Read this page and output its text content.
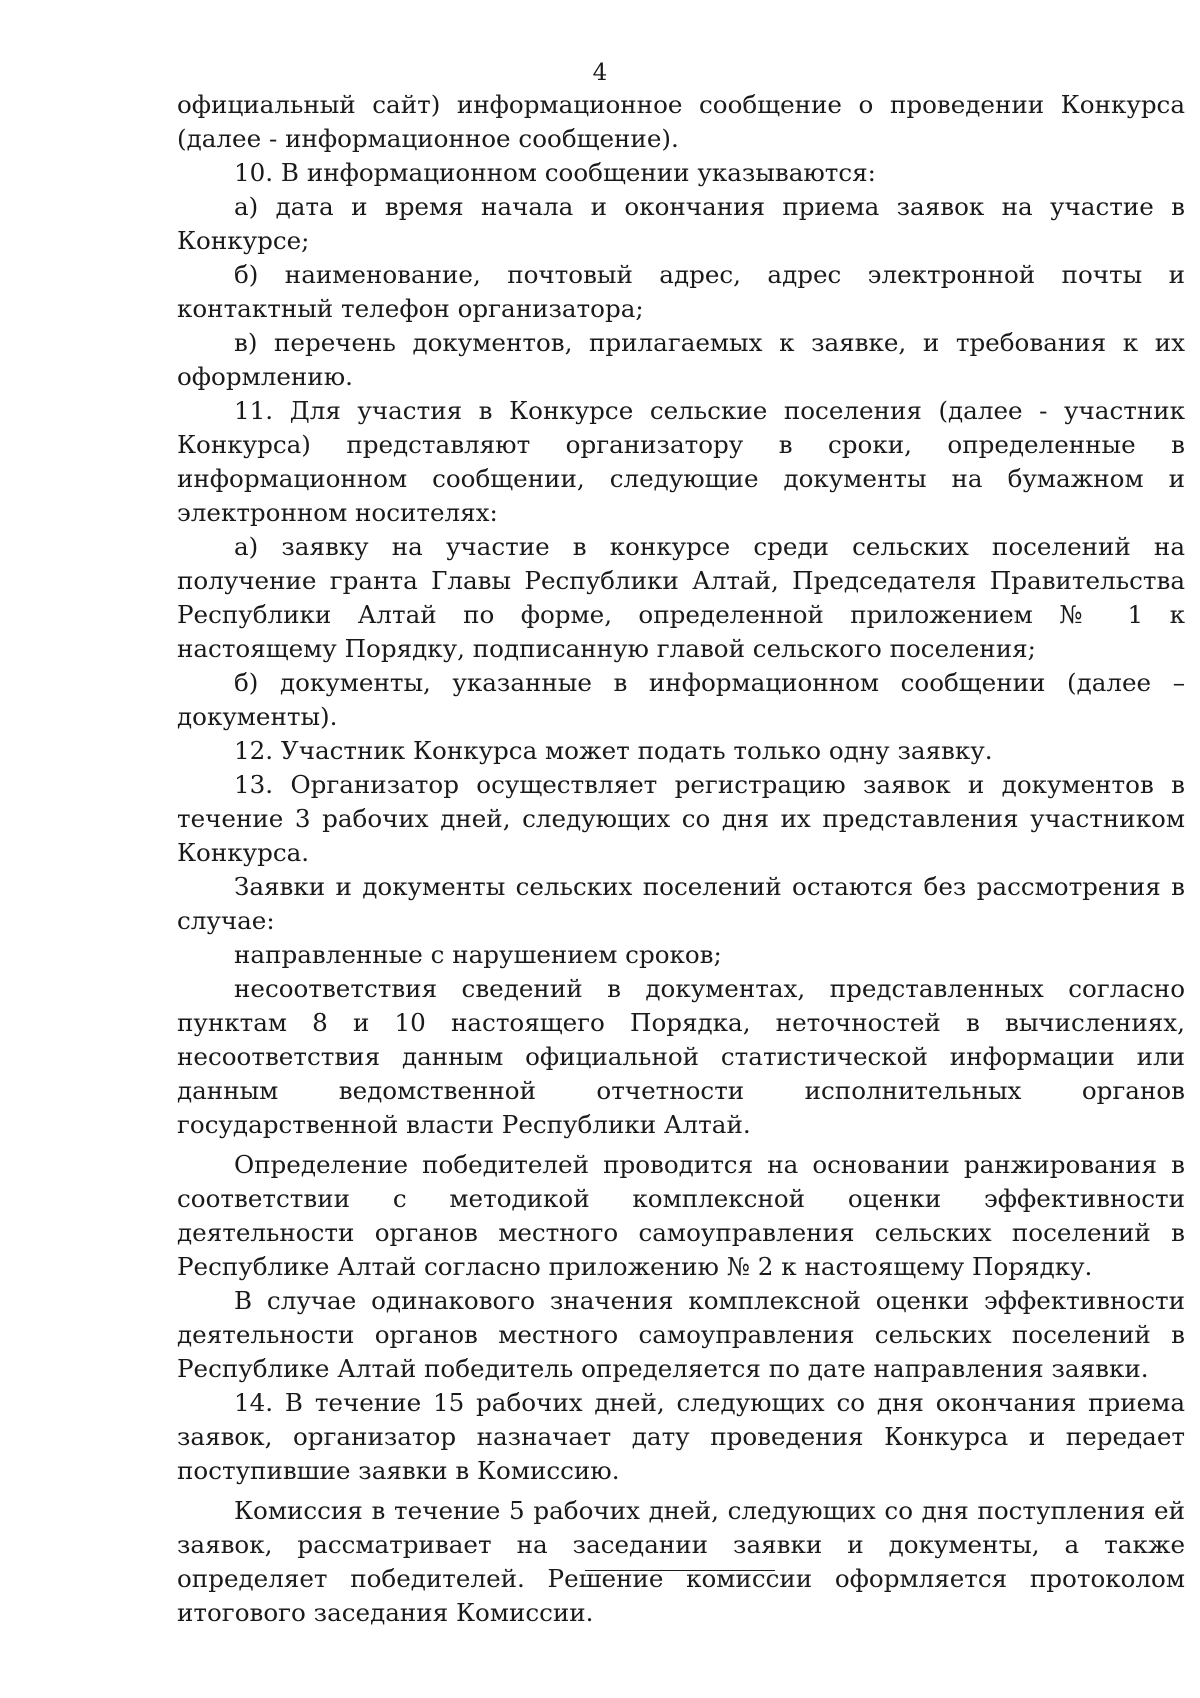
4

официальный сайт) информационное сообщение о проведении Конкурса (далее - информационное сообщение).

10. В информационном сообщении указываются:

а) дата и время начала и окончания приема заявок на участие в Конкурсе;

б) наименование, почтовый адрес, адрес электронной почты и контактный телефон организатора;

в) перечень документов, прилагаемых к заявке, и требования к их оформлению.

11. Для участия в Конкурсе сельские поселения (далее - участник Конкурса) представляют организатору в сроки, определенные в информационном сообщении, следующие документы на бумажном и электронном носителях:

а) заявку на участие в конкурсе среди сельских поселений на получение гранта Главы Республики Алтай, Председателя Правительства Республики Алтай по форме, определенной приложением № 1 к настоящему Порядку, подписанную главой сельского поселения;

б) документы, указанные в информационном сообщении (далее – документы).

12. Участник Конкурса может подать только одну заявку.

13. Организатор осуществляет регистрацию заявок и документов в течение 3 рабочих дней, следующих со дня их представления участником Конкурса.

Заявки и документы сельских поселений остаются без рассмотрения в случае:

направленные с нарушением сроков;

несоответствия сведений в документах, представленных согласно пунктам 8 и 10 настоящего Порядка, неточностей в вычислениях, несоответствия данным официальной статистической информации или данным ведомственной отчетности исполнительных органов государственной власти Республики Алтай.

Определение победителей проводится на основании ранжирования в соответствии с методикой комплексной оценки эффективности деятельности органов местного самоуправления сельских поселений в Республике Алтай согласно приложению № 2 к настоящему Порядку.

В случае одинакового значения комплексной оценки эффективности деятельности органов местного самоуправления сельских поселений в Республике Алтай победитель определяется по дате направления заявки.

14. В течение 15 рабочих дней, следующих со дня окончания приема заявок, организатор назначает дату проведения Конкурса и передает поступившие заявки в Комиссию.

Комиссия в течение 5 рабочих дней, следующих со дня поступления ей заявок, рассматривает на заседании заявки и документы, а также определяет победителей. Решение комиссии оформляется протоколом итогового заседания Комиссии.
